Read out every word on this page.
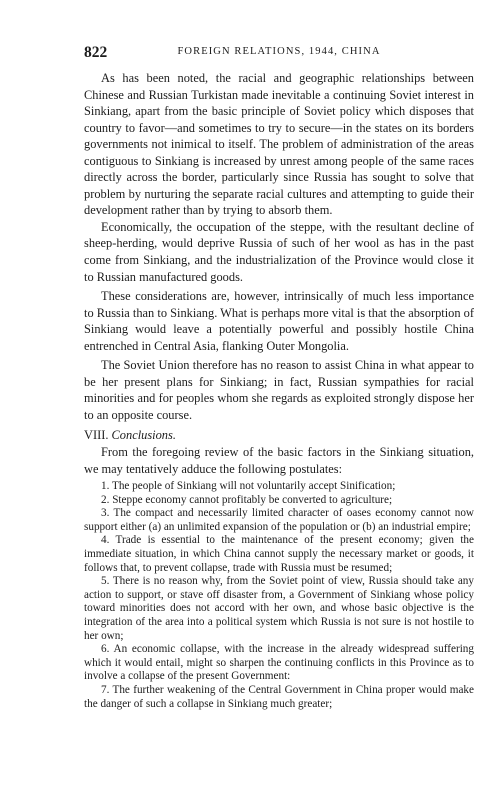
822	FOREIGN RELATIONS, 1944, CHINA

As has been noted, the racial and geographic relationships between Chinese and Russian Turkistan made inevitable a continuing Soviet interest in Sinkiang, apart from the basic principle of Soviet policy which disposes that country to favor—and sometimes to try to secure—in the states on its borders governments not inimical to itself. The problem of administration of the areas contiguous to Sinkiang is increased by unrest among people of the same races directly across the border, particularly since Russia has sought to solve that problem by nurturing the separate racial cultures and attempting to guide their development rather than by trying to absorb them.

Economically, the occupation of the steppe, with the resultant decline of sheep-herding, would deprive Russia of such of her wool as has in the past come from Sinkiang, and the industrialization of the Province would close it to Russian manufactured goods.

These considerations are, however, intrinsically of much less importance to Russia than to Sinkiang. What is perhaps more vital is that the absorption of Sinkiang would leave a potentially powerful and possibly hostile China entrenched in Central Asia, flanking Outer Mongolia.

The Soviet Union therefore has no reason to assist China in what appear to be her present plans for Sinkiang; in fact, Russian sympathies for racial minorities and for peoples whom she regards as exploited strongly dispose her to an opposite course.

VIII. Conclusions.

From the foregoing review of the basic factors in the Sinkiang situation, we may tentatively adduce the following postulates:

1. The people of Sinkiang will not voluntarily accept Sinification;

2. Steppe economy cannot profitably be converted to agriculture;

3. The compact and necessarily limited character of oases economy cannot now support either (a) an unlimited expansion of the population or (b) an industrial empire;

4. Trade is essential to the maintenance of the present economy; given the immediate situation, in which China cannot supply the necessary market or goods, it follows that, to prevent collapse, trade with Russia must be resumed;

5. There is no reason why, from the Soviet point of view, Russia should take any action to support, or stave off disaster from, a Government of Sinkiang whose policy toward minorities does not accord with her own, and whose basic objective is the integration of the area into a political system which Russia is not sure is not hostile to her own;

6. An economic collapse, with the increase in the already widespread suffering which it would entail, might so sharpen the continuing conflicts in this Province as to involve a collapse of the present Government:

7. The further weakening of the Central Government in China proper would make the danger of such a collapse in Sinkiang much greater;
